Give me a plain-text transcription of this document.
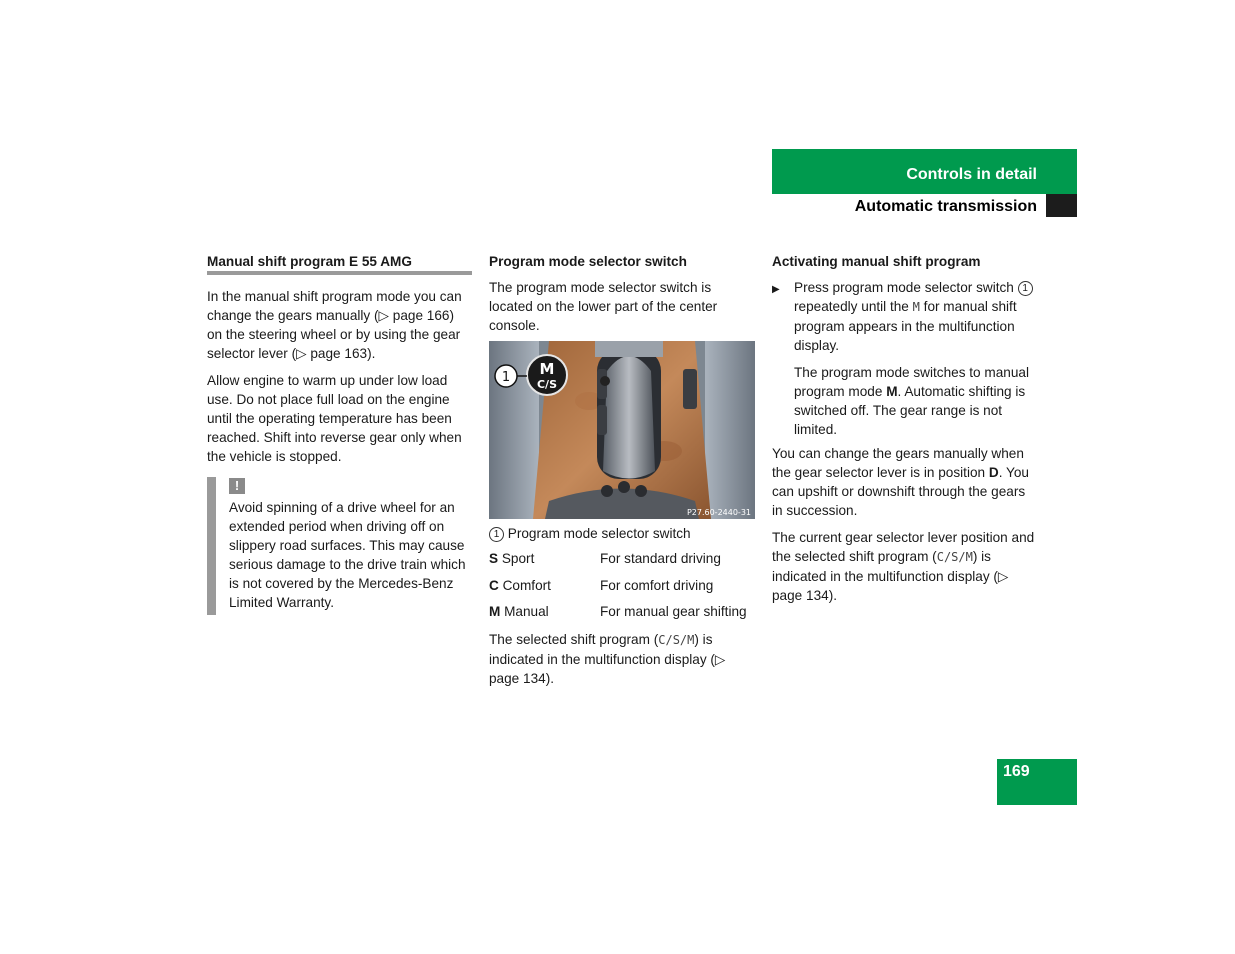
Controls in detail
Automatic transmission
Manual shift program E 55 AMG

In the manual shift program mode you can change the gears manually (▷ page 166) on the steering wheel or by using the gear selector lever (▷ page 163).

Allow engine to warm up under low load use. Do not place full load on the engine until the operating temperature has been reached. Shift into reverse gear only when the vehicle is stopped.

!

Avoid spinning of a drive wheel for an extended period when driving off on slippery road surfaces. This may cause serious damage to the drive train which is not covered by the Mercedes-Benz Limited Warranty.

Program mode selector switch

The program mode selector switch is located on the lower part of the center console.

M
C/S
1
P27.60-2440-31
1 Program mode selector switch
S Sport	For standard driving
C Comfort	For comfort driving
M Manual	For manual gear shifting

The selected shift program (C/S/M) is indicated in the multifunction display (▷ page 134).

Activating manual shift program
▶	Press program mode selector switch 1 repeatedly until the M for manual shift program appears in the multifunction display.

The program mode switches to manual program mode M. Automatic shifting is switched off. The gear range is not limited.

You can change the gears manually when the gear selector lever is in position D. You can upshift or downshift through the gears in succession.

The current gear selector lever position and the selected shift program (C/S/M) is indicated in the multifunction display (▷ page 134).

169
